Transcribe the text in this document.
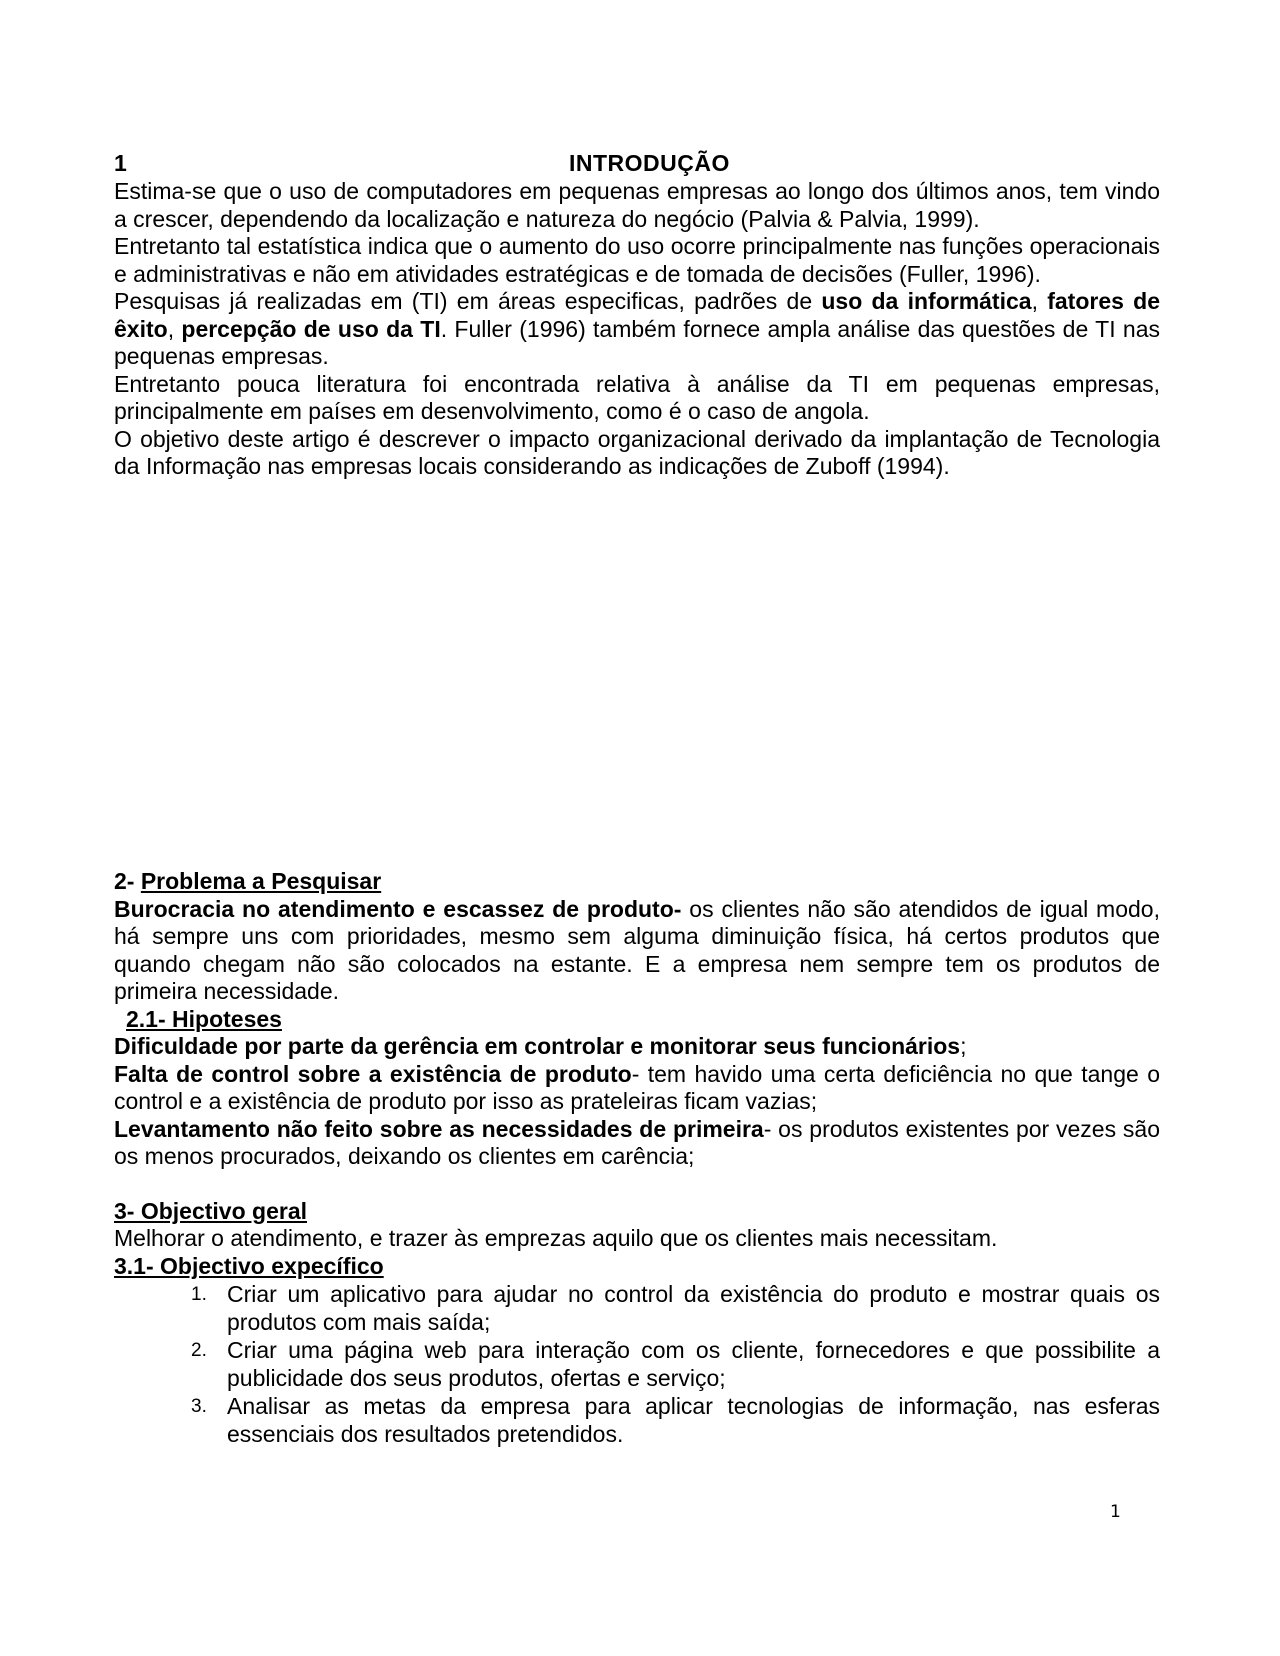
1	INTRODUÇÃO

Estima-se que o uso de computadores em pequenas empresas ao longo dos últimos anos, tem vindo a crescer, dependendo da localização e natureza do negócio (Palvia & Palvia, 1999).

Entretanto tal estatística indica que o aumento do uso ocorre principalmente nas funções operacionais e administrativas e não em atividades estratégicas e de tomada de decisões (Fuller, 1996).

Pesquisas já realizadas em (TI) em áreas especificas, padrões de uso da informática, fatores de êxito, percepção de uso da TI. Fuller (1996) também fornece ampla análise das questões de TI nas pequenas empresas.

Entretanto pouca literatura foi encontrada relativa à análise da TI em pequenas empresas, principalmente em países em desenvolvimento, como é o caso de angola.

O objetivo deste artigo é descrever o impacto organizacional derivado da implantação de Tecnologia da Informação nas empresas locais considerando as indicações de Zuboff (1994).

2- Problema a Pesquisar

Burocracia no atendimento e escassez de produto- os clientes não são atendidos de igual modo, há sempre uns com prioridades, mesmo sem alguma diminuição física, há certos produtos que quando chegam não são colocados na estante. E a empresa nem sempre tem os produtos de primeira necessidade.

2.1- Hipoteses

Dificuldade por parte da gerência em controlar e monitorar seus funcionários;

Falta de control sobre a existência de produto- tem havido uma certa deficiência no que tange o control e a existência de produto por isso as prateleiras ficam vazias;

Levantamento não feito sobre as necessidades de primeira- os produtos existentes por vezes são os menos procurados, deixando os clientes em carência;

3- Objectivo geral

Melhorar o atendimento, e trazer às emprezas aquilo que os clientes mais necessitam.

3.1- Objectivo expecífico

1. Criar um aplicativo para ajudar no control da existência do produto e mostrar quais os produtos com mais saída;
2. Criar uma página web para interação com os cliente, fornecedores e que possibilite a publicidade dos seus produtos, ofertas e serviço;
3. Analisar as metas da empresa para aplicar tecnologias de informação, nas esferas essenciais dos resultados pretendidos.
1
